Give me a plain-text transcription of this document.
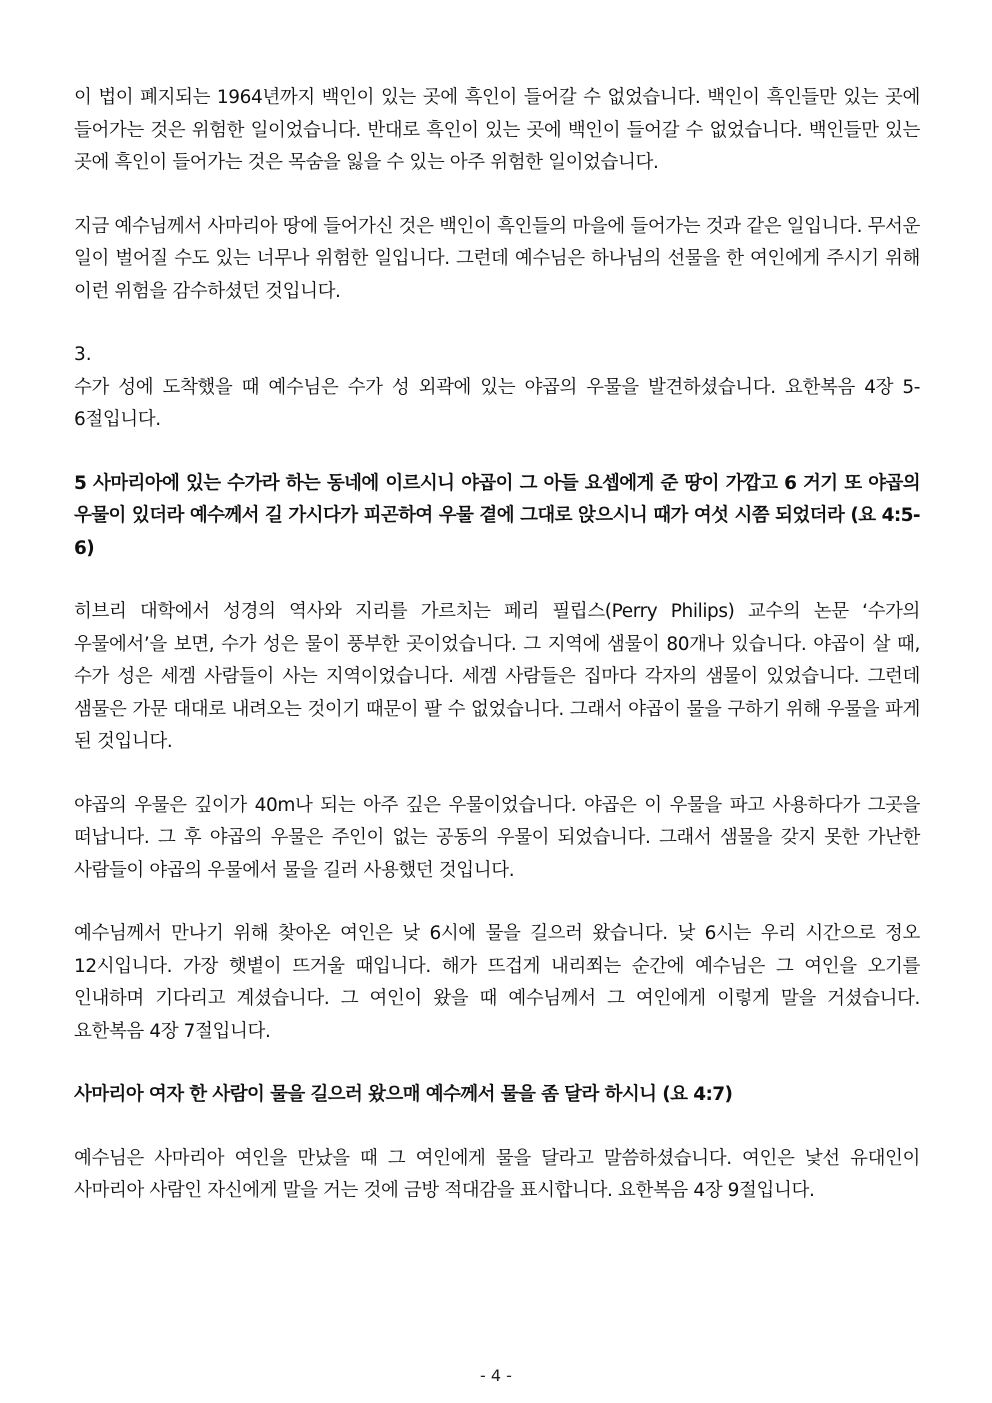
이 법이 폐지되는 1964년까지 백인이 있는 곳에 흑인이 들어갈 수 없었습니다. 백인이 흑인들만 있는 곳에 들어가는 것은 위험한 일이었습니다. 반대로 흑인이 있는 곳에 백인이 들어갈 수 없었습니다. 백인들만 있는 곳에 흑인이 들어가는 것은 목숨을 잃을 수 있는 아주 위험한 일이었습니다.

지금 예수님께서 사마리아 땅에 들어가신 것은 백인이 흑인들의 마을에 들어가는 것과 같은 일입니다. 무서운 일이 벌어질 수도 있는 너무나 위험한 일입니다. 그런데 예수님은 하나님의 선물을 한 여인에게 주시기 위해 이런 위험을 감수하셨던 것입니다.

3.

수가 성에 도착했을 때 예수님은 수가 성 외곽에 있는 야곱의 우물을 발견하셨습니다. 요한복음 4장 5-6절입니다.

5 사마리아에 있는 수가라 하는 동네에 이르시니 야곱이 그 아들 요셉에게 준 땅이 가깝고 6 거기 또 야곱의 우물이 있더라 예수께서 길 가시다가 피곤하여 우물 곁에 그대로 앉으시니 때가 여섯 시쯤 되었더라 (요 4:5-6)

히브리 대학에서 성경의 역사와 지리를 가르치는 페리 필립스(Perry Philips) 교수의 논문 ‘수가의 우물에서’을 보면, 수가 성은 물이 풍부한 곳이었습니다. 그 지역에 샘물이 80개나 있습니다. 야곱이 살 때, 수가 성은 세겜 사람들이 사는 지역이었습니다. 세겜 사람들은 집마다 각자의 샘물이 있었습니다. 그런데 샘물은 가문 대대로 내려오는 것이기 때문이 팔 수 없었습니다. 그래서 야곱이 물을 구하기 위해 우물을 파게 된 것입니다.

야곱의 우물은 깊이가 40m나 되는 아주 깊은 우물이었습니다. 야곱은 이 우물을 파고 사용하다가 그곳을 떠납니다. 그 후 야곱의 우물은 주인이 없는 공동의 우물이 되었습니다. 그래서 샘물을 갖지 못한 가난한 사람들이 야곱의 우물에서 물을 길러 사용했던 것입니다.

예수님께서 만나기 위해 찾아온 여인은 낮 6시에 물을 길으러 왔습니다. 낮 6시는 우리 시간으로 정오 12시입니다. 가장 햇볕이 뜨거울 때입니다. 해가 뜨겁게 내리쬐는 순간에 예수님은 그 여인을 오기를 인내하며 기다리고 계셨습니다. 그 여인이 왔을 때 예수님께서 그 여인에게 이렇게 말을 거셨습니다. 요한복음 4장 7절입니다.

사마리아 여자 한 사람이 물을 길으러 왔으매 예수께서 물을 좀 달라 하시니 (요 4:7)

예수님은 사마리아 여인을 만났을 때 그 여인에게 물을 달라고 말씀하셨습니다. 여인은 낯선 유대인이 사마리아 사람인 자신에게 말을 거는 것에 금방 적대감을 표시합니다. 요한복음 4장 9절입니다.

- 4 -
